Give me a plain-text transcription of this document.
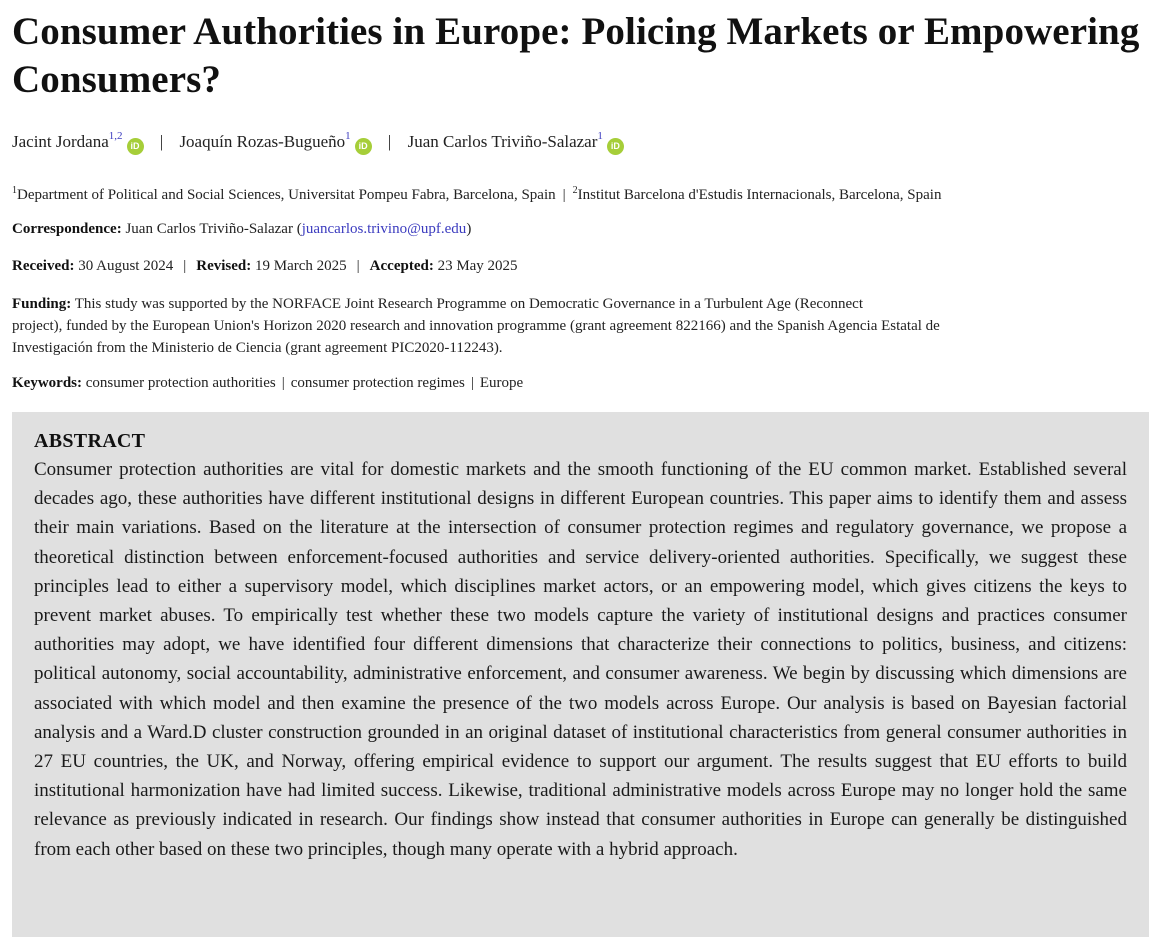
Consumer Authorities in Europe: Policing Markets or Empowering Consumers?
Jacint Jordana$^{1,2}$iD | Joaquín Rozas-Bugueño$^1$iD | Juan Carlos Triviño-Salazar$^1$iD
$^1$Department of Political and Social Sciences, Universitat Pompeu Fabra, Barcelona, Spain | $^2$Institut Barcelona d'Estudis Internacionals, Barcelona, Spain
Correspondence: Juan Carlos Triviño-Salazar (juancarlos.trivino@upf.edu)
Received: 30 August 2024 | Revised: 19 March 2025 | Accepted: 23 May 2025
Funding: This study was supported by the NORFACE Joint Research Programme on Democratic Governance in a Turbulent Age (Reconnect
project), funded by the European Union's Horizon 2020 research and innovation programme (grant agreement 822166) and the Spanish Agencia Estatal de
Investigación from the Ministerio de Ciencia (grant agreement PIC2020-112243).
Keywords: consumer protection authorities | consumer protection regimes | Europe
ABSTRACT

Consumer protection authorities are vital for domestic markets and the smooth functioning of the EU common market. Established several decades ago, these authorities have different institutional designs in different European countries. This paper aims to identify them and assess their main variations. Based on the literature at the intersection of consumer protection regimes and regulatory governance, we propose a theoretical distinction between enforcement-focused authorities and service delivery-oriented authorities. Specifically, we suggest these principles lead to either a supervisory model, which disciplines market actors, or an empowering model, which gives citizens the keys to prevent market abuses. To empirically test whether these two models capture the variety of institutional designs and practices consumer authorities may adopt, we have identified four different dimensions that characterize their connections to politics, business, and citizens: political autonomy, social accountability, administrative enforcement, and consumer awareness. We begin by discussing which dimensions are associated with which model and then examine the presence of the two models across Europe. Our analysis is based on Bayesian factorial analysis and a Ward.D cluster construction grounded in an original dataset of institutional characteristics from general consumer authorities in 27 EU countries, the UK, and Norway, offering empirical evidence to support our argument. The results suggest that EU efforts to build institutional harmonization have had limited success. Likewise, traditional administrative models across Europe may no longer hold the same relevance as previously indicated in research. Our findings show instead that consumer authorities in Europe can generally be distinguished from each other based on these two principles, though many operate with a hybrid approach.
